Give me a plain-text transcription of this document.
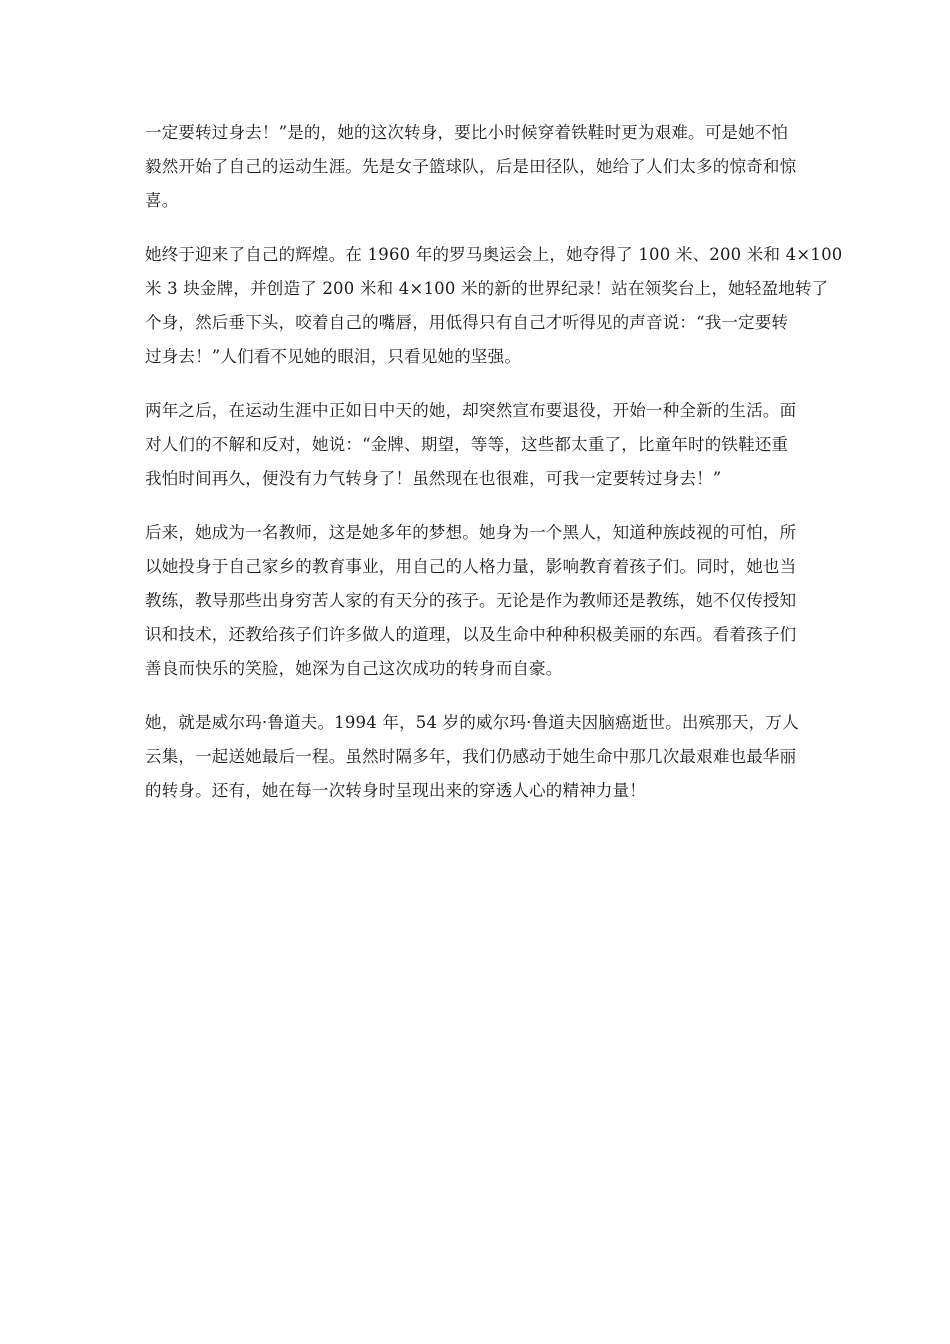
一定要转过身去！”是的，她的这次转身，要比小时候穿着铁鞋时更为艰难。可是她不怕
毅然开始了自己的运动生涯。先是女子篮球队，后是田径队，她给了人们太多的惊奇和惊
喜。

她终于迎来了自己的辉煌。在 1960 年的罗马奥运会上，她夺得了 100 米、200 米和 4×100
米 3 块金牌，并创造了 200 米和 4×100 米的新的世界纪录！站在领奖台上，她轻盈地转了
个身，然后垂下头，咬着自己的嘴唇，用低得只有自己才听得见的声音说：“我一定要转
过身去！”人们看不见她的眼泪，只看见她的坚强。

两年之后，在运动生涯中正如日中天的她，却突然宣布要退役，开始一种全新的生活。面
对人们的不解和反对，她说：“金牌、期望，等等，这些都太重了，比童年时的铁鞋还重
我怕时间再久，便没有力气转身了！虽然现在也很难，可我一定要转过身去！”

后来，她成为一名教师，这是她多年的梦想。她身为一个黑人，知道种族歧视的可怕，所
以她投身于自己家乡的教育事业，用自己的人格力量，影响教育着孩子们。同时，她也当
教练，教导那些出身穷苦人家的有天分的孩子。无论是作为教师还是教练，她不仅传授知
识和技术，还教给孩子们许多做人的道理，以及生命中种种积极美丽的东西。看着孩子们
善良而快乐的笑脸，她深为自己这次成功的转身而自豪。

她，就是威尔玛·鲁道夫。1994 年，54 岁的威尔玛·鲁道夫因脑癌逝世。出殡那天，万人
云集，一起送她最后一程。虽然时隔多年，我们仍感动于她生命中那几次最艰难也最华丽
的转身。还有，她在每一次转身时呈现出来的穿透人心的精神力量！
